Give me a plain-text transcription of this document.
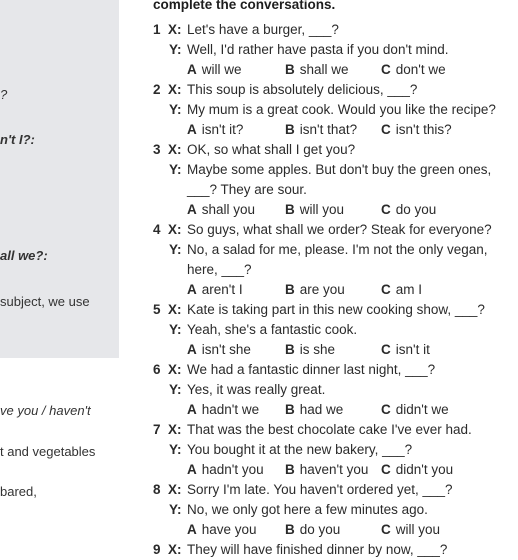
?
n't I?:
all we?:
subject, we use
ve you / haven't
t and vegetables
bared,
complete the conversations.
1 X: Let's have a burger, ___?
Y: Well, I'd rather have pasta if you don't mind.
A will we	B shall we C don't we
2 X: This soup is absolutely delicious, ___?
Y: My mum is a great cook. Would you like the recipe?
A isn't it?	B isn't that? C isn't this?
3 X: OK, so what shall I get you?
Y: Maybe some apples. But don't buy the green ones,
___? They are sour.
A shall you B will you	C do you
4 X: So guys, what shall we order? Steak for everyone?
Y: No, a salad for me, please. I'm not the only vegan,
here, ___?
A aren't I	B are you	C am I
5 X: Kate is taking part in this new cooking show, ___?
Y: Yeah, she's a fantastic cook.
A isn't she	B is she	C isn't it
6 X: We had a fantastic dinner last night, ___?
Y: Yes, it was really great.
A hadn't we B had we	C didn't we
7 X: That was the best chocolate cake I've ever had.
Y: You bought it at the new bakery, ___?
A hadn't you B haven't you C didn't you
8 X: Sorry I'm late. You haven't ordered yet, ___?
Y: No, we only got here a few minutes ago.
A have you B do you	C will you
9 X: They will have finished dinner by now, ___?
